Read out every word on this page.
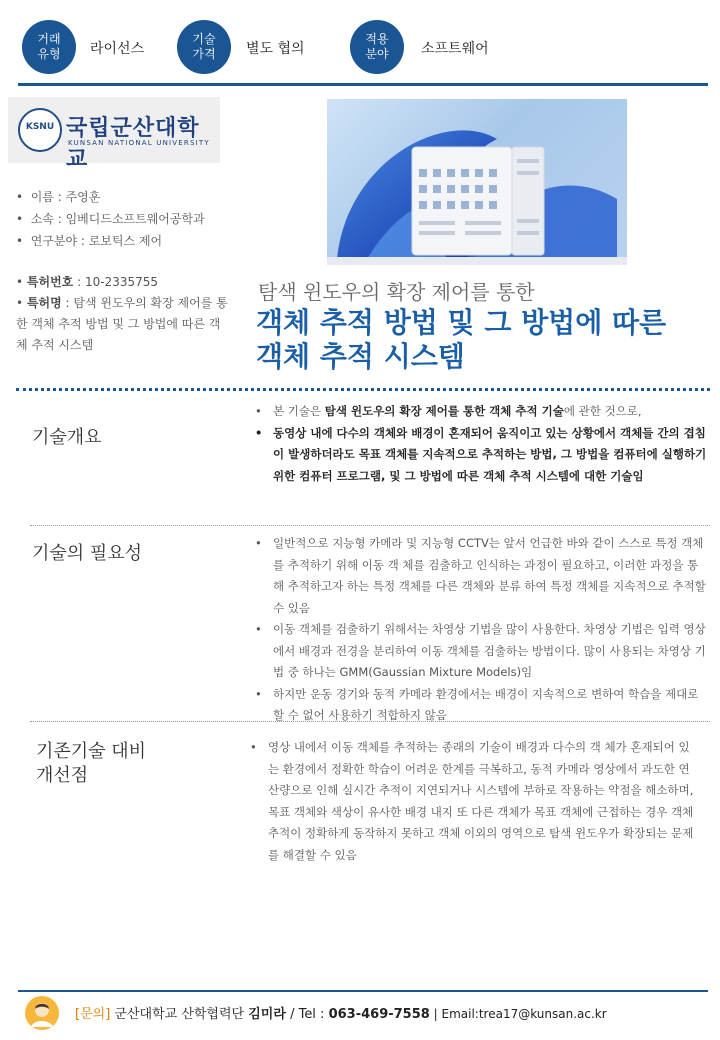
거래
유형	라이선스
기술
가격	별도 협의
적용
분야	소프트웨어
KSNU 국립군산대학교
KUNSAN NATIONAL UNIVERSITY
•  이름 : 주영훈
•  소속 : 임베디드소프트웨어공학과
•  연구분야 : 로보틱스 제어
• 특허번호 : 10-2335755
• 특허명 : 탐색 윈도우의 확장 제어를 통한 객체 추적 방법 및 그 방법에 따른 객체 추적 시스템
탐색 윈도우의 확장 제어를 통한
객체 추적 방법 및 그 방법에 따른
객체 추적 시스템
기술개요
• 본 기술은 탐색 윈도우의 확장 제어를 통한 객체 추적 기술에 관한 것으로,
• 동영상 내에 다수의 객체와 배경이 혼재되어 움직이고 있는 상황에서 객체들 간의 겹침이 발생하더라도 목표 객체를 지속적으로 추적하는 방법, 그 방법을 컴퓨터에 실행하기 위한 컴퓨터 프로그램, 및 그 방법에 따른 객체 추적 시스템에 대한 기술임
기술의 필요성	• 일반적으로 지능형 카메라 및 지능형 CCTV는 앞서 언급한 바와 같이 스스로 특정 객체를 추적하기 위해 이동 객 체를 검출하고 인식하는 과정이 필요하고, 이러한 과정을 통해 추적하고자 하는 특정 객체를 다른 객체와 분류 하여 특정 객체를 지속적으로 추적할 수 있음
• 이동 객체를 검출하기 위해서는 차영상 기법을 많이 사용한다. 차영상 기법은 입력 영상에서 배경과 전경을 분리하여 이동 객체를 검출하는 방법이다. 많이 사용되는 차영상 기법 중 하나는 GMM(Gaussian Mixture Models)임
• 하지만 운동 경기와 동적 카메라 환경에서는 배경이 지속적으로 변하여 학습을 제대로 할 수 없어 사용하기 적합하지 않음
기존기술 대비
개선점
• 영상 내에서 이동 객체를 추적하는 종래의 기술이 배경과 다수의 객 체가 혼재되어 있는 환경에서 정확한 학습이 어려운 한계를 극복하고, 동적 카메라 영상에서 과도한 연산량으로 인해 실시간 추적이 지연되거나 시스템에 부하로 작용하는 약점을 해소하며, 목표 객체와 색상이 유사한 배경 내지 또 다른 객체가 목표 객체에 근접하는 경우 객체 추적이 정확하게 동작하지 못하고 객체 이외의 영역으로 탐색 윈도우가 확장되는 문제를 해결할 수 있음
[문의] 군산대학교 산학협력단 김미라 / Tel : 063-469-7558 | Email:trea17@kunsan.ac.kr
